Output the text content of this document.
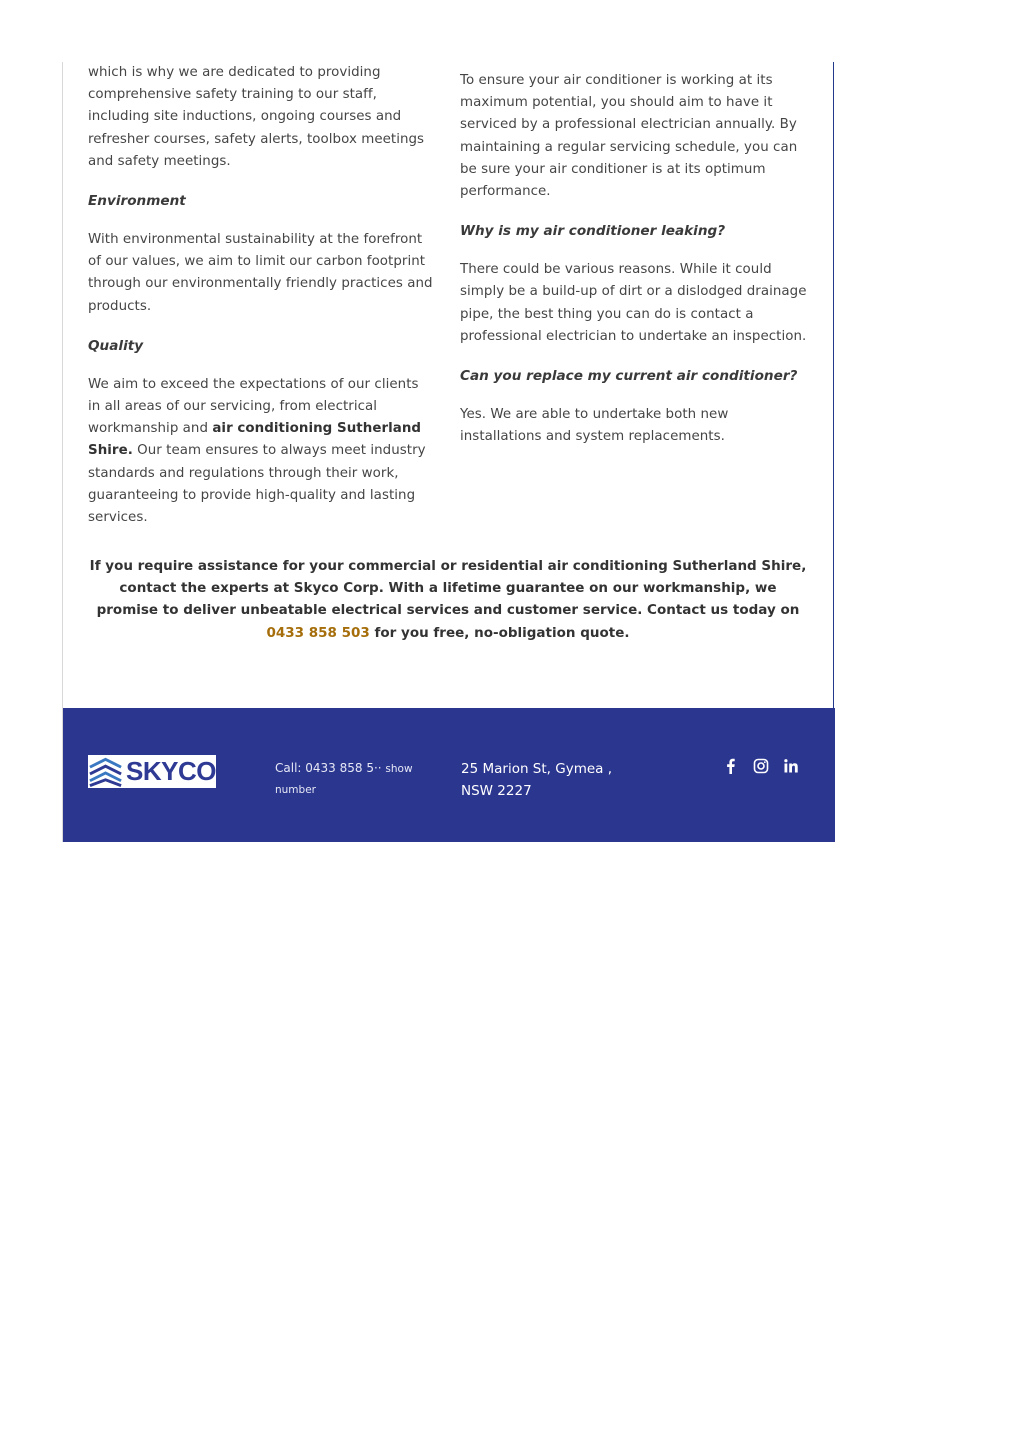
which is why we are dedicated to providing comprehensive safety training to our staff, including site inductions, ongoing courses and refresher courses, safety alerts, toolbox meetings and safety meetings.

Environment

With environmental sustainability at the forefront of our values, we aim to limit our carbon footprint through our environmentally friendly practices and products.

Quality

We aim to exceed the expectations of our clients in all areas of our servicing, from electrical workmanship and air conditioning Sutherland Shire. Our team ensures to always meet industry standards and regulations through their work, guaranteeing to provide high-quality and lasting services.

To ensure your air conditioner is working at its maximum potential, you should aim to have it serviced by a professional electrician annually. By maintaining a regular servicing schedule, you can be sure your air conditioner is at its optimum performance.

Why is my air conditioner leaking?

There could be various reasons. While it could simply be a build-up of dirt or a dislodged drainage pipe, the best thing you can do is contact a professional electrician to undertake an inspection.

Can you replace my current air conditioner?

Yes. We are able to undertake both new installations and system replacements.

If you require assistance for your commercial or residential air conditioning Sutherland Shire, contact the experts at Skyco Corp. With a lifetime guarantee on our workmanship, we promise to deliver unbeatable electrical services and customer service. Contact us today on 0433 858 503 for you free, no-obligation quote.
SKYCO	Call: 0433 858 5·· show number
25 Marion St, Gymea ,
NSW 2227
